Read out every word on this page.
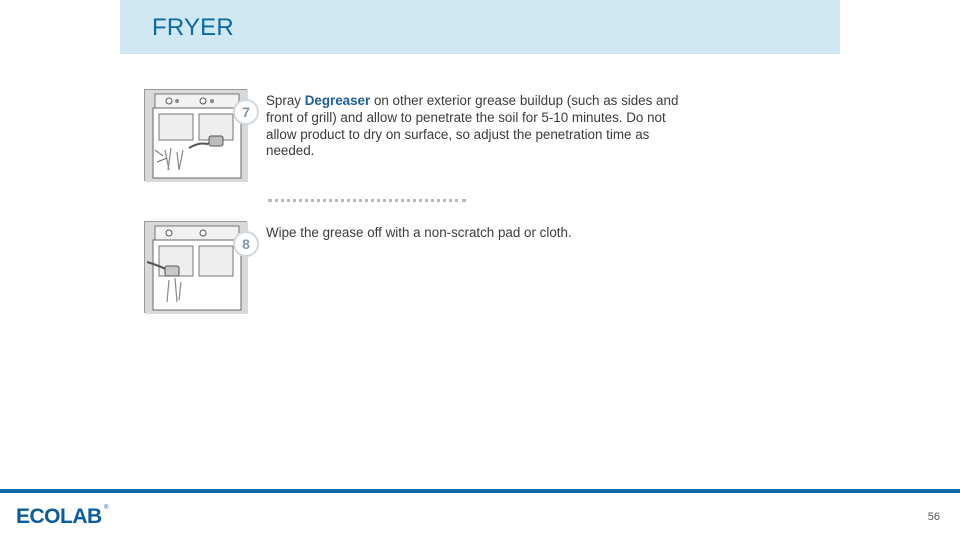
FRYER
7
Spray Degreaser on other exterior grease buildup (such as sides and front of grill) and allow to penetrate the soil for 5-10 minutes. Do not allow product to dry on surface, so adjust the penetration time as needed.
8
Wipe the grease off with a non-scratch pad or cloth.
ECOLAB ®
56
